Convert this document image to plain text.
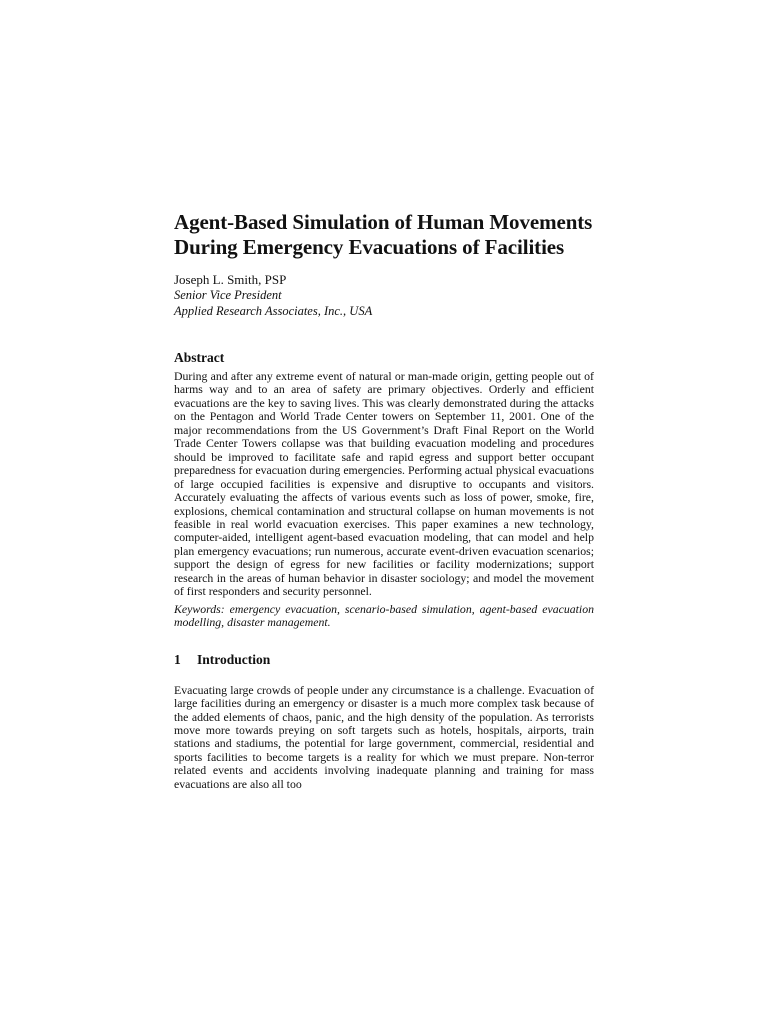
Agent-Based Simulation of Human Movements
During Emergency Evacuations of Facilities

Joseph L. Smith, PSP

Senior Vice President

Applied Research Associates, Inc., USA

Abstract

During and after any extreme event of natural or man-made origin, getting people out of harms way and to an area of safety are primary objectives. Orderly and efficient evacuations are the key to saving lives. This was clearly demonstrated during the attacks on the Pentagon and World Trade Center towers on September 11, 2001. One of the major recommendations from the US Government’s Draft Final Report on the World Trade Center Towers collapse was that building evacuation modeling and procedures should be improved to facilitate safe and rapid egress and support better occupant preparedness for evacuation during emergencies. Performing actual physical evacuations of large occupied facilities is expensive and disruptive to occupants and visitors. Accurately evaluating the affects of various events such as loss of power, smoke, fire, explosions, chemical contamination and structural collapse on human movements is not feasible in real world evacuation exercises. This paper examines a new technology, computer-aided, intelligent agent-based evacuation modeling, that can model and help plan emergency evacuations; run numerous, accurate event-driven evacuation scenarios; support the design of egress for new facilities or facility modernizations; support research in the areas of human behavior in disaster sociology; and model the movement of first responders and security personnel.

Keywords: emergency evacuation, scenario-based simulation, agent-based evacuation modelling, disaster management.

1	Introduction

Evacuating large crowds of people under any circumstance is a challenge. Evacuation of large facilities during an emergency or disaster is a much more complex task because of the added elements of chaos, panic, and the high density of the population. As terrorists move more towards preying on soft targets such as hotels, hospitals, airports, train stations and stadiums, the potential for large government, commercial, residential and sports facilities to become targets is a reality for which we must prepare. Non-terror related events and accidents involving inadequate planning and training for mass evacuations are also all too
